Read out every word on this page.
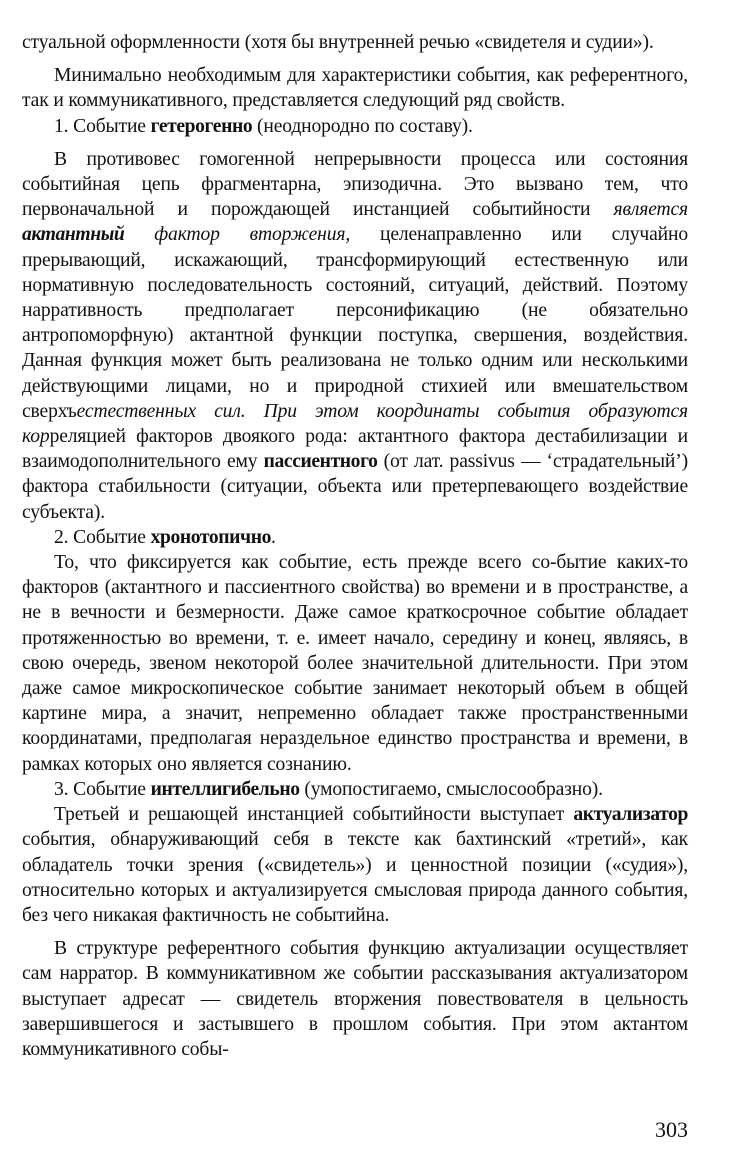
стуальной оформленности (хотя бы внутренней речью «свидетеля и судии»).

Минимально необходимым для характеристики события, как референтного, так и коммуникативного, представляется следующий ряд свойств.

1. Событие гетерогенно (неоднородно по составу).

В противовес гомогенной непрерывности процесса или состояния событийная цепь фрагментарна, эпизодична. Это вызвано тем, что первоначальной и порождающей инстанцией событийности является актантный фактор вторжения, целенаправленно или случайно прерывающий, искажающий, трансформирующий естественную или нормативную последовательность состояний, ситуаций, действий. Поэтому нарративность предполагает персонификацию (не обязательно антропоморфную) актантной функции поступка, свершения, воздействия. Данная функция может быть реализована не только одним или несколькими действующими лицами, но и природной стихией или вмешательством сверхъестественных сил. При этом координаты события образуются корреляцией факторов двоякого рода: актантного фактора дестабилизации и взаимодополнительного ему пассиентного (от лат. passivus — ‘страдательный’) фактора стабильности (ситуации, объекта или претерпевающего воздействие субъекта).

2. Событие хронотопично.

То, что фиксируется как событие, есть прежде всего со-бытие каких-то факторов (актантного и пассиентного свойства) во времени и в пространстве, а не в вечности и безмерности. Даже самое краткосрочное событие обладает протяженностью во времени, т. е. имеет начало, середину и конец, являясь, в свою очередь, звеном некоторой более значительной длительности. При этом даже самое микроскопическое событие занимает некоторый объем в общей картине мира, а значит, непременно обладает также пространственными координатами, предполагая нераздельное единство пространства и времени, в рамках которых оно является сознанию.

3. Событие интеллигибельно (умопостигаемо, смыслосообразно).

Третьей и решающей инстанцией событийности выступает актуализатор события, обнаруживающий себя в тексте как бахтинский «третий», как обладатель точки зрения («свидетель») и ценностной позиции («судия»), относительно которых и актуализируется смысловая природа данного события, без чего никакая фактичность не событийна.

В структуре референтного события функцию актуализации осуществляет сам нарратор. В коммуникативном же событии рассказывания актуализатором выступает адресат — свидетель вторжения повествователя в цельность завершившегося и застывшего в прошлом события. При этом актантом коммуникативного собы-

303
